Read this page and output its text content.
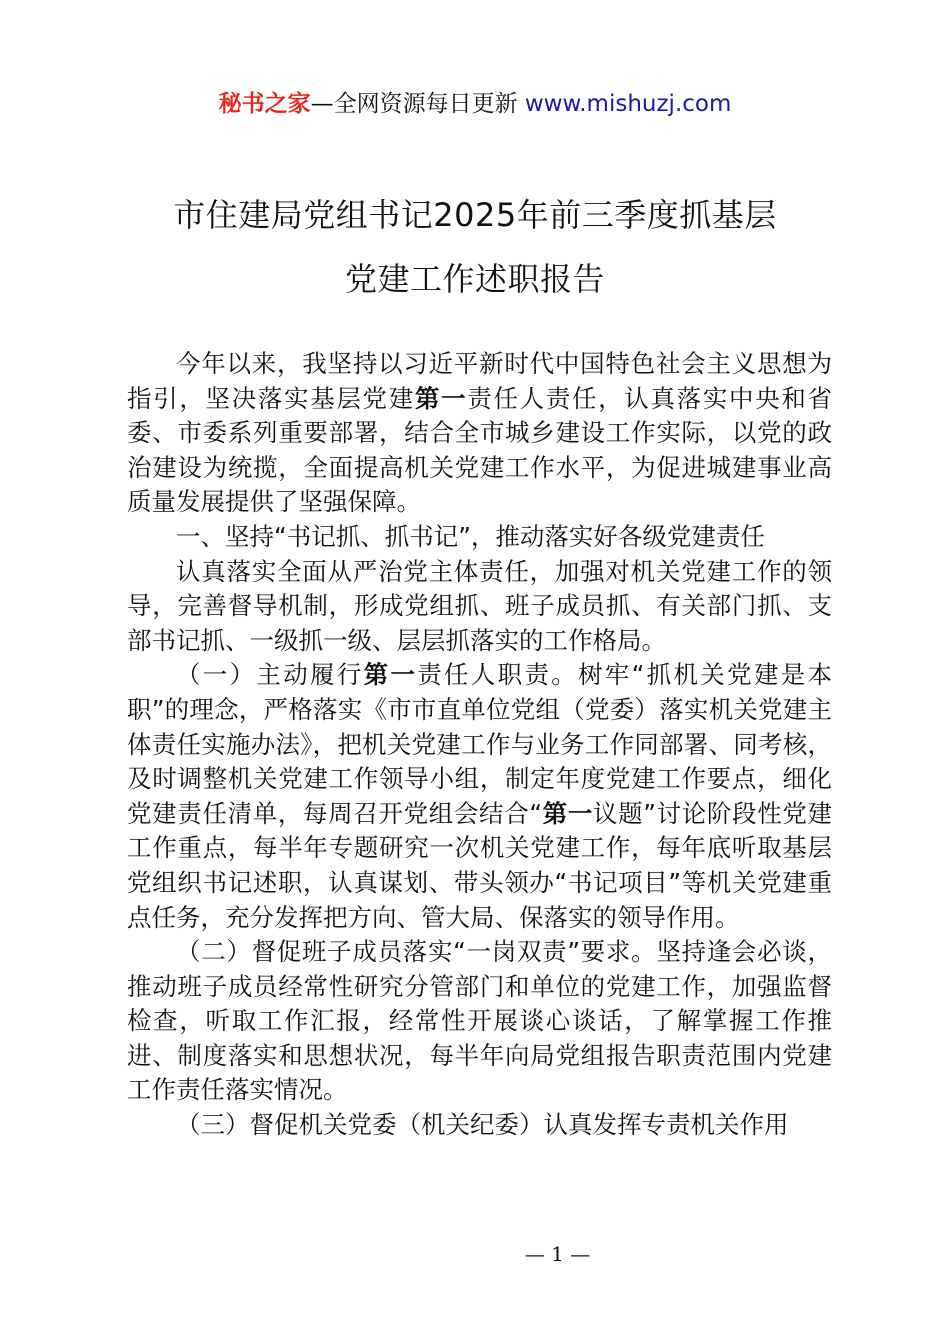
秘书之家—全网资源每日更新 www.mishuzj.com
市住建局党组书记2025年前三季度抓基层
党建工作述职报告

今年以来，我坚持以习近平新时代中国特色社会主义思想为指引，坚决落实基层党建第一责任人责任，认真落实中央和省委、市委系列重要部署，结合全市城乡建设工作实际，以党的政治建设为统揽，全面提高机关党建工作水平，为促进城建事业高质量发展提供了坚强保障。

一、坚持“书记抓、抓书记”，推动落实好各级党建责任

认真落实全面从严治党主体责任，加强对机关党建工作的领导，完善督导机制，形成党组抓、班子成员抓、有关部门抓、支部书记抓、一级抓一级、层层抓落实的工作格局。

（一）主动履行第一责任人职责。树牢“抓机关党建是本职”的理念，严格落实《市市直单位党组（党委）落实机关党建主体责任实施办法》，把机关党建工作与业务工作同部署、同考核，及时调整机关党建工作领导小组，制定年度党建工作要点，细化党建责任清单，每周召开党组会结合“第一议题”讨论阶段性党建工作重点，每半年专题研究一次机关党建工作，每年底听取基层党组织书记述职，认真谋划、带头领办“书记项目”等机关党建重点任务，充分发挥把方向、管大局、保落实的领导作用。

（二）督促班子成员落实“一岗双责”要求。坚持逢会必谈，推动班子成员经常性研究分管部门和单位的党建工作，加强监督检查，听取工作汇报，经常性开展谈心谈话，了解掌握工作推进、制度落实和思想状况，每半年向局党组报告职责范围内党建工作责任落实情况。

（三）督促机关党委（机关纪委）认真发挥专责机关作用

— 1 —
